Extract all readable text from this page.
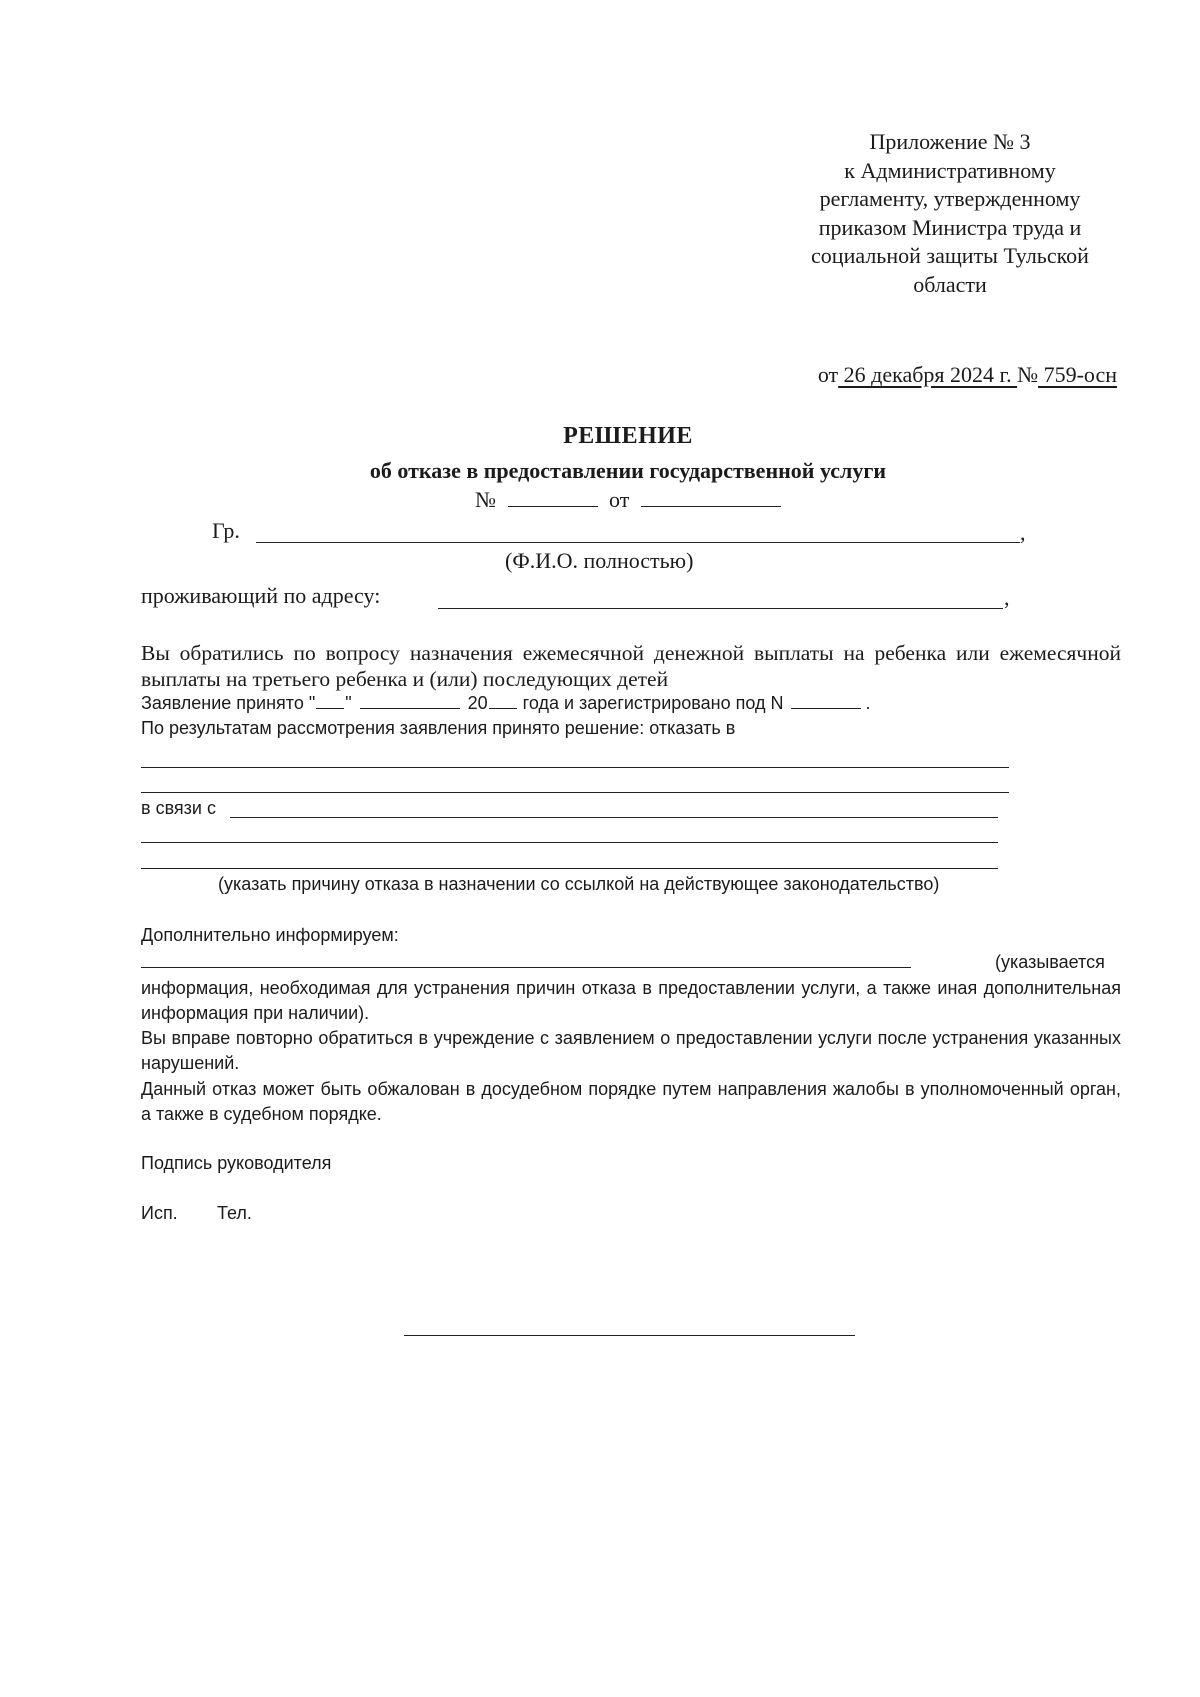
Приложение № 3
к Административному
регламенту, утвержденному
приказом Министра труда и
социальной защиты Тульской
области
от 26 декабря 2024 г. № 759-осн
РЕШЕНИЕ
об отказе в предоставлении государственной услуги
№	от
Гр.	,
(Ф.И.О. полностью)
проживающий по адресу:	,
Вы обратились по вопросу назначения ежемесячной денежной выплаты на ребенка или ежемесячной выплаты на третьего ребенка и (или) последующих детей
Заявление принято " "	20 года и зарегистрировано под N	.
По результатам рассмотрения заявления принято решение: отказать в
в связи с
(указать причину отказа в назначении со ссылкой на действующее законодательство)
Дополнительно информируем:
(указывается
информация, необходимая для устранения причин отказа в предоставлении услуги, а также иная дополнительная информация при наличии).
Вы вправе повторно обратиться в учреждение с заявлением о предоставлении услуги после устранения указанных нарушений.
Данный отказ может быть обжалован в досудебном порядке путем направления жалобы в уполномоченный орган, а также в судебном порядке.
Подпись руководителя
Исп. Тел.
